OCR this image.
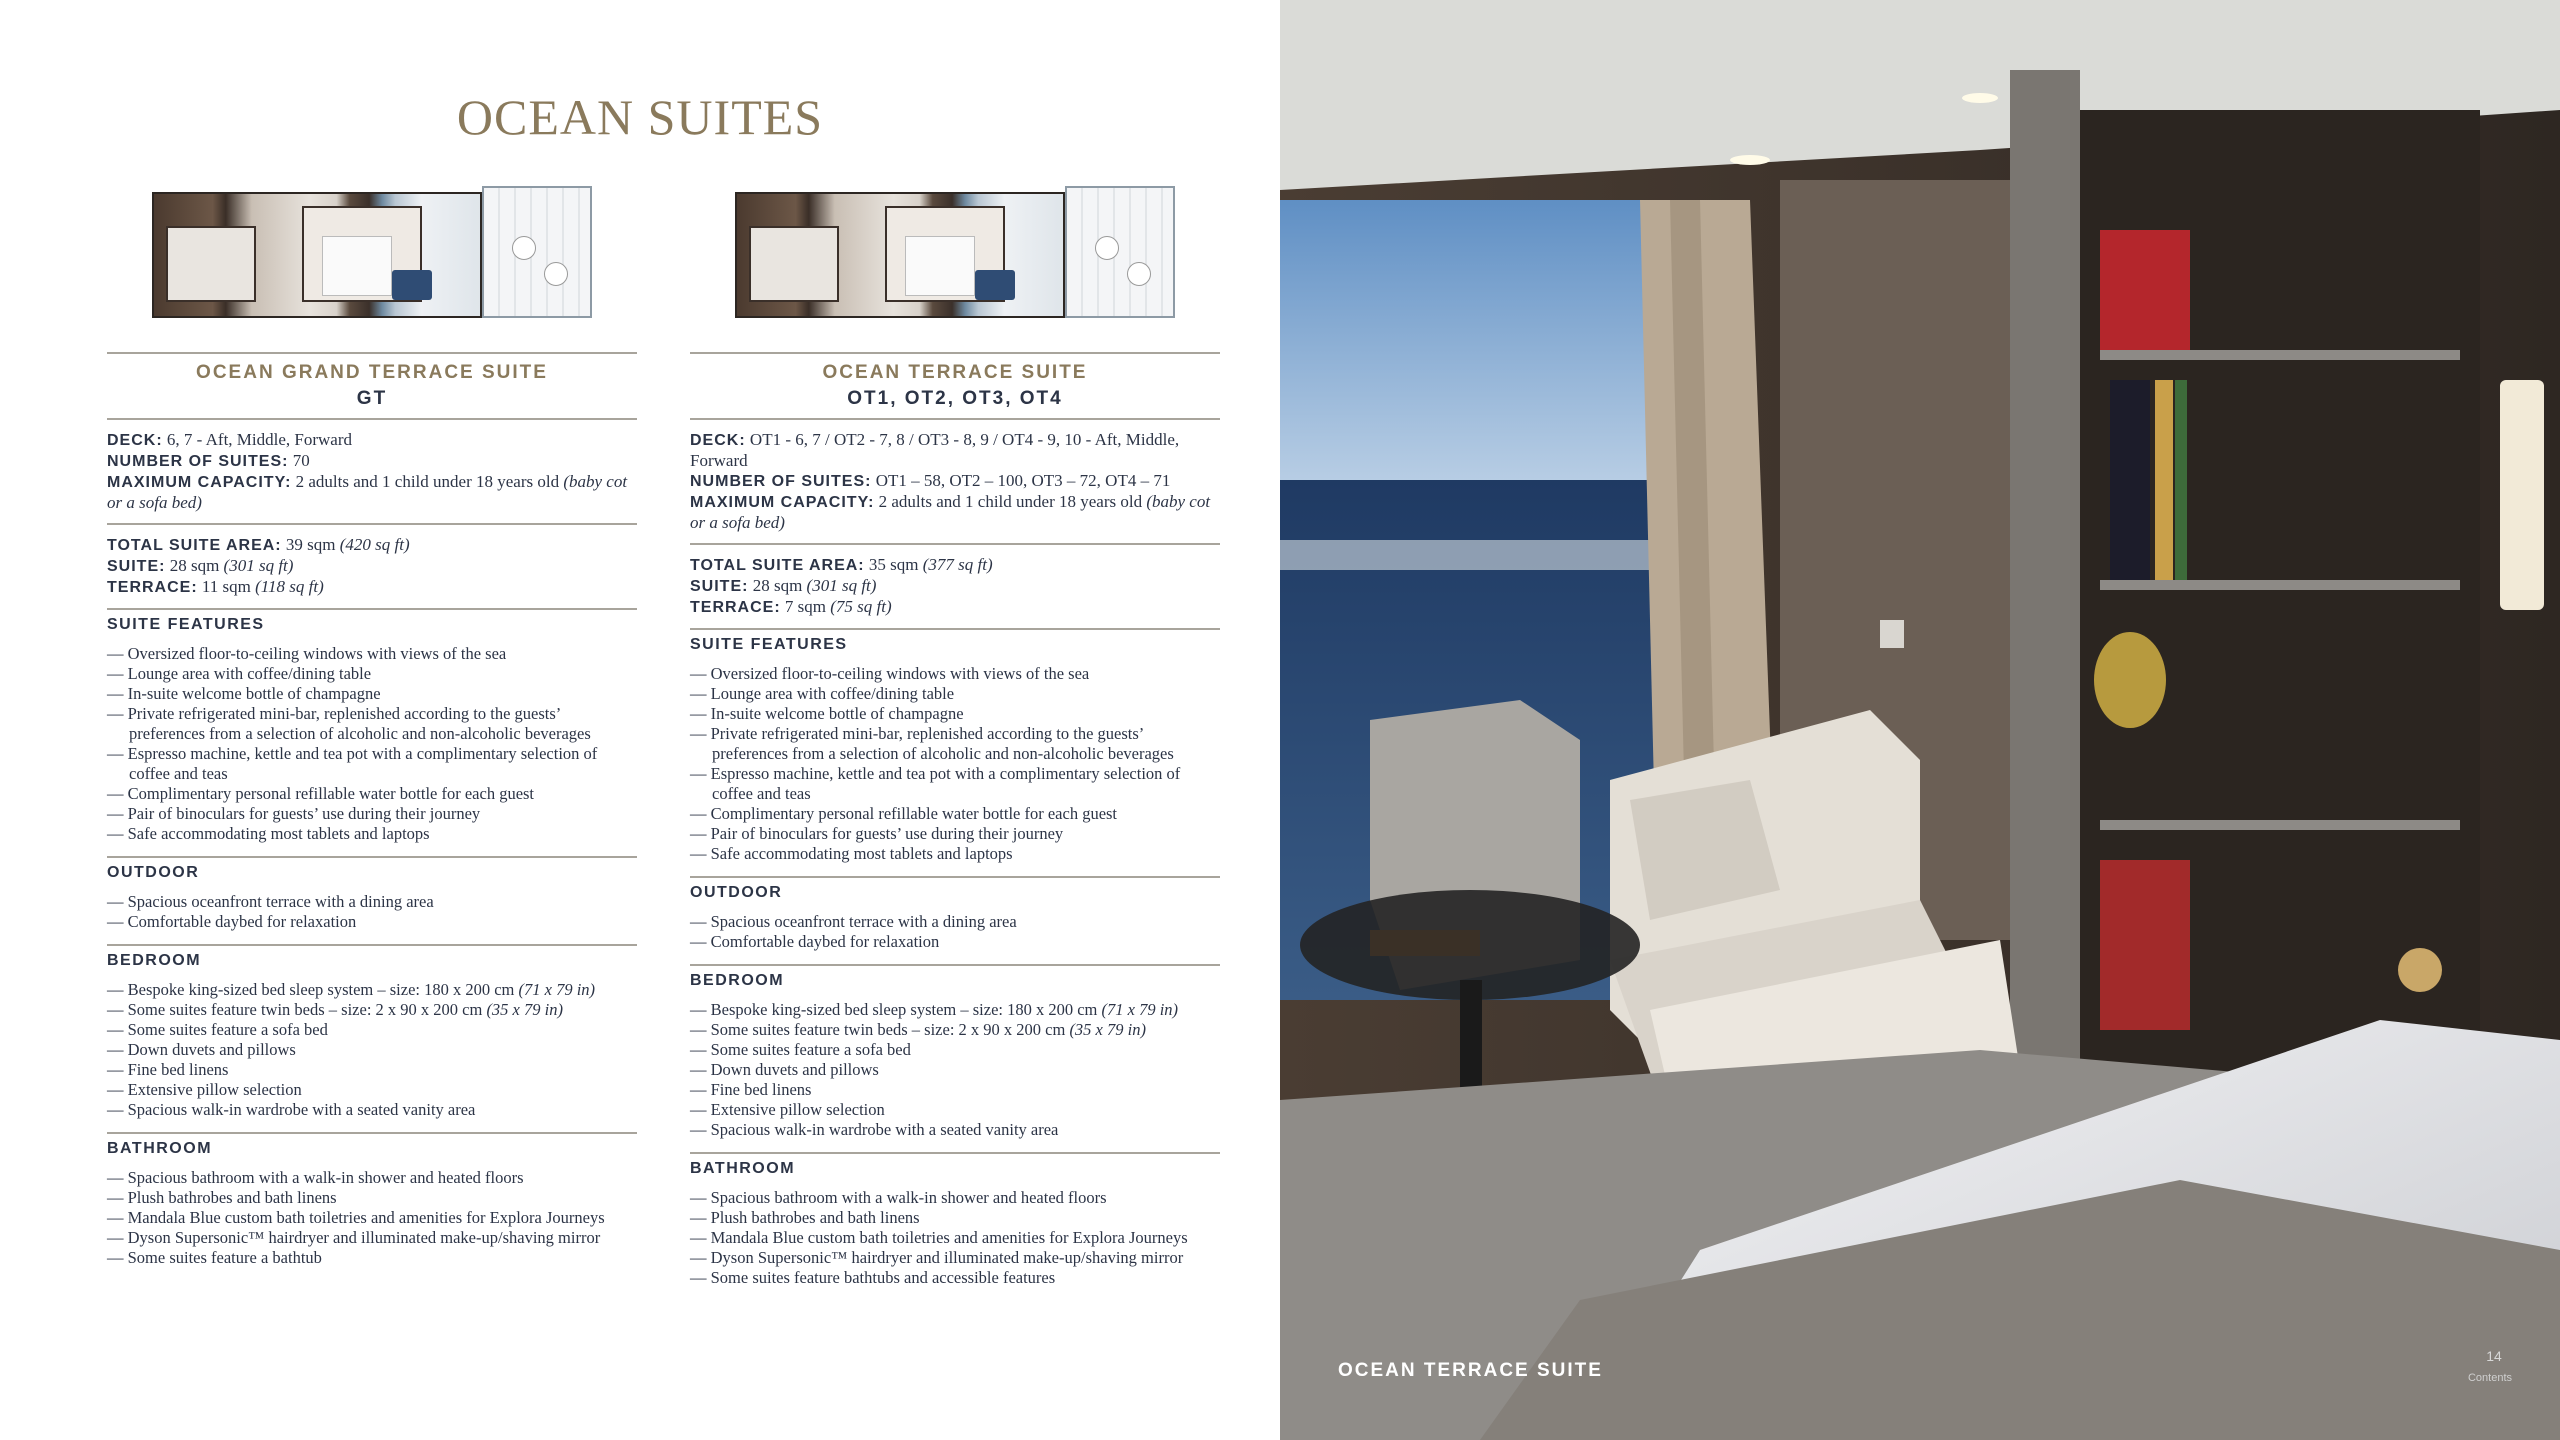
OCEAN SUITES
OCEAN GRAND TERRACE SUITE
GT
DECK: 6, 7 - Aft, Middle, Forward
NUMBER OF SUITES: 70
MAXIMUM CAPACITY: 2 adults and 1 child under 18 years old (baby cot or a sofa bed)
TOTAL SUITE AREA: 39 sqm (420 sq ft)
SUITE: 28 sqm (301 sq ft)
TERRACE: 11 sqm (118 sq ft)
SUITE FEATURES
— Oversized floor-to-ceiling windows with views of the sea
— Lounge area with coffee/dining table
— In-suite welcome bottle of champagne
— Private refrigerated mini-bar, replenished according to the guests’ preferences from a selection of alcoholic and non-alcoholic beverages
— Espresso machine, kettle and tea pot with a complimentary selection of coffee and teas
— Complimentary personal refillable water bottle for each guest
— Pair of binoculars for guests’ use during their journey
— Safe accommodating most tablets and laptops
OUTDOOR
— Spacious oceanfront terrace with a dining area
— Comfortable daybed for relaxation
BEDROOM
— Bespoke king-sized bed sleep system – size: 180 x 200 cm (71 x 79 in)
— Some suites feature twin beds – size: 2 x 90 x 200 cm (35 x 79 in)
— Some suites feature a sofa bed
— Down duvets and pillows
— Fine bed linens
— Extensive pillow selection
— Spacious walk-in wardrobe with a seated vanity area
BATHROOM
— Spacious bathroom with a walk-in shower and heated floors
— Plush bathrobes and bath linens
— Mandala Blue custom bath toiletries and amenities for Explora Journeys
— Dyson Supersonic™ hairdryer and illuminated make-up/shaving mirror
— Some suites feature a bathtub
OCEAN TERRACE SUITE
OT1, OT2, OT3, OT4
DECK: OT1 - 6, 7 / OT2 - 7, 8 / OT3 - 8, 9 / OT4 - 9, 10 - Aft, Middle, Forward
NUMBER OF SUITES: OT1 – 58, OT2 – 100, OT3 – 72, OT4 – 71
MAXIMUM CAPACITY: 2 adults and 1 child under 18 years old (baby cot or a sofa bed)
TOTAL SUITE AREA: 35 sqm (377 sq ft)
SUITE: 28 sqm (301 sq ft)
TERRACE: 7 sqm (75 sq ft)
SUITE FEATURES
— Oversized floor-to-ceiling windows with views of the sea
— Lounge area with coffee/dining table
— In-suite welcome bottle of champagne
— Private refrigerated mini-bar, replenished according to the guests’ preferences from a selection of alcoholic and non-alcoholic beverages
— Espresso machine, kettle and tea pot with a complimentary selection of coffee and teas
— Complimentary personal refillable water bottle for each guest
— Pair of binoculars for guests’ use during their journey
— Safe accommodating most tablets and laptops
OUTDOOR
— Spacious oceanfront terrace with a dining area
— Comfortable daybed for relaxation
BEDROOM
— Bespoke king-sized bed sleep system – size: 180 x 200 cm (71 x 79 in)
— Some suites feature twin beds – size: 2 x 90 x 200 cm (35 x 79 in)
— Some suites feature a sofa bed
— Down duvets and pillows
— Fine bed linens
— Extensive pillow selection
— Spacious walk-in wardrobe with a seated vanity area
BATHROOM
— Spacious bathroom with a walk-in shower and heated floors
— Plush bathrobes and bath linens
— Mandala Blue custom bath toiletries and amenities for Explora Journeys
— Dyson Supersonic™ hairdryer and illuminated make-up/shaving mirror
— Some suites feature bathtubs and accessible features
OCEAN TERRACE SUITE
14
Contents
